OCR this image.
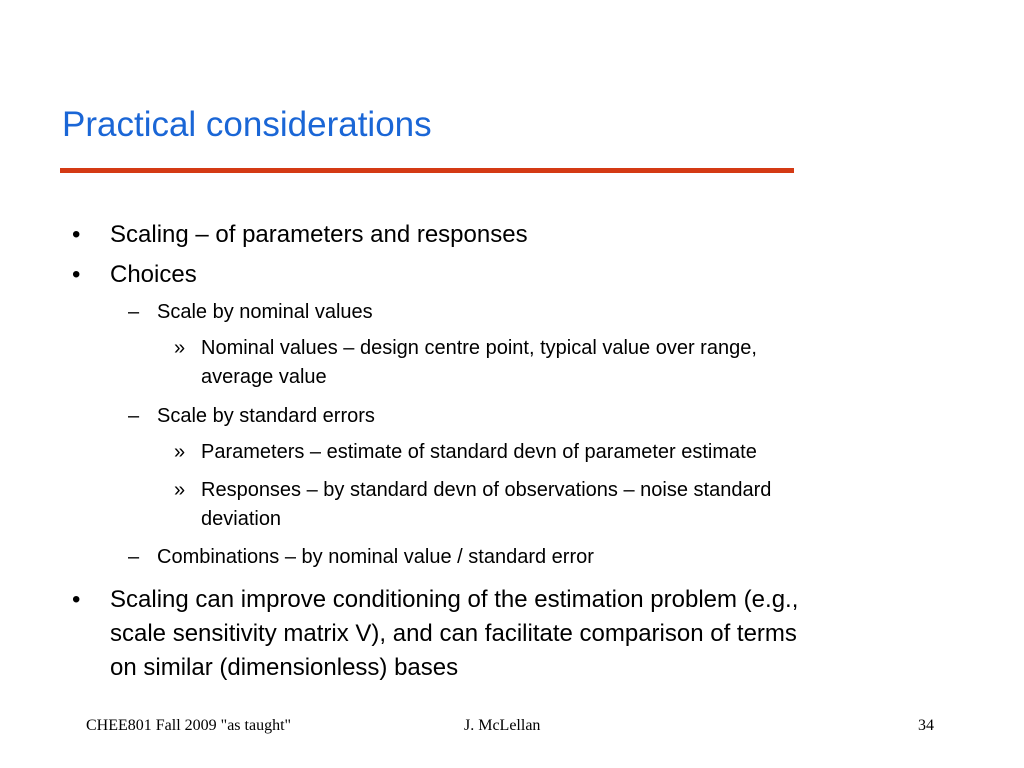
Practical considerations
• Scaling – of parameters and responses
• Choices
– Scale by nominal values
» Nominal values – design centre point, typical value over range,
average value
– Scale by standard errors
» Parameters – estimate of standard devn of parameter estimate
» Responses – by standard devn of observations – noise standard
deviation
– Combinations – by nominal value / standard error
• Scaling can improve conditioning of the estimation problem (e.g.,
scale sensitivity matrix V), and can facilitate comparison of terms
on similar (dimensionless) bases
CHEE801 Fall 2009 "as taught"	J. McLellan	34
